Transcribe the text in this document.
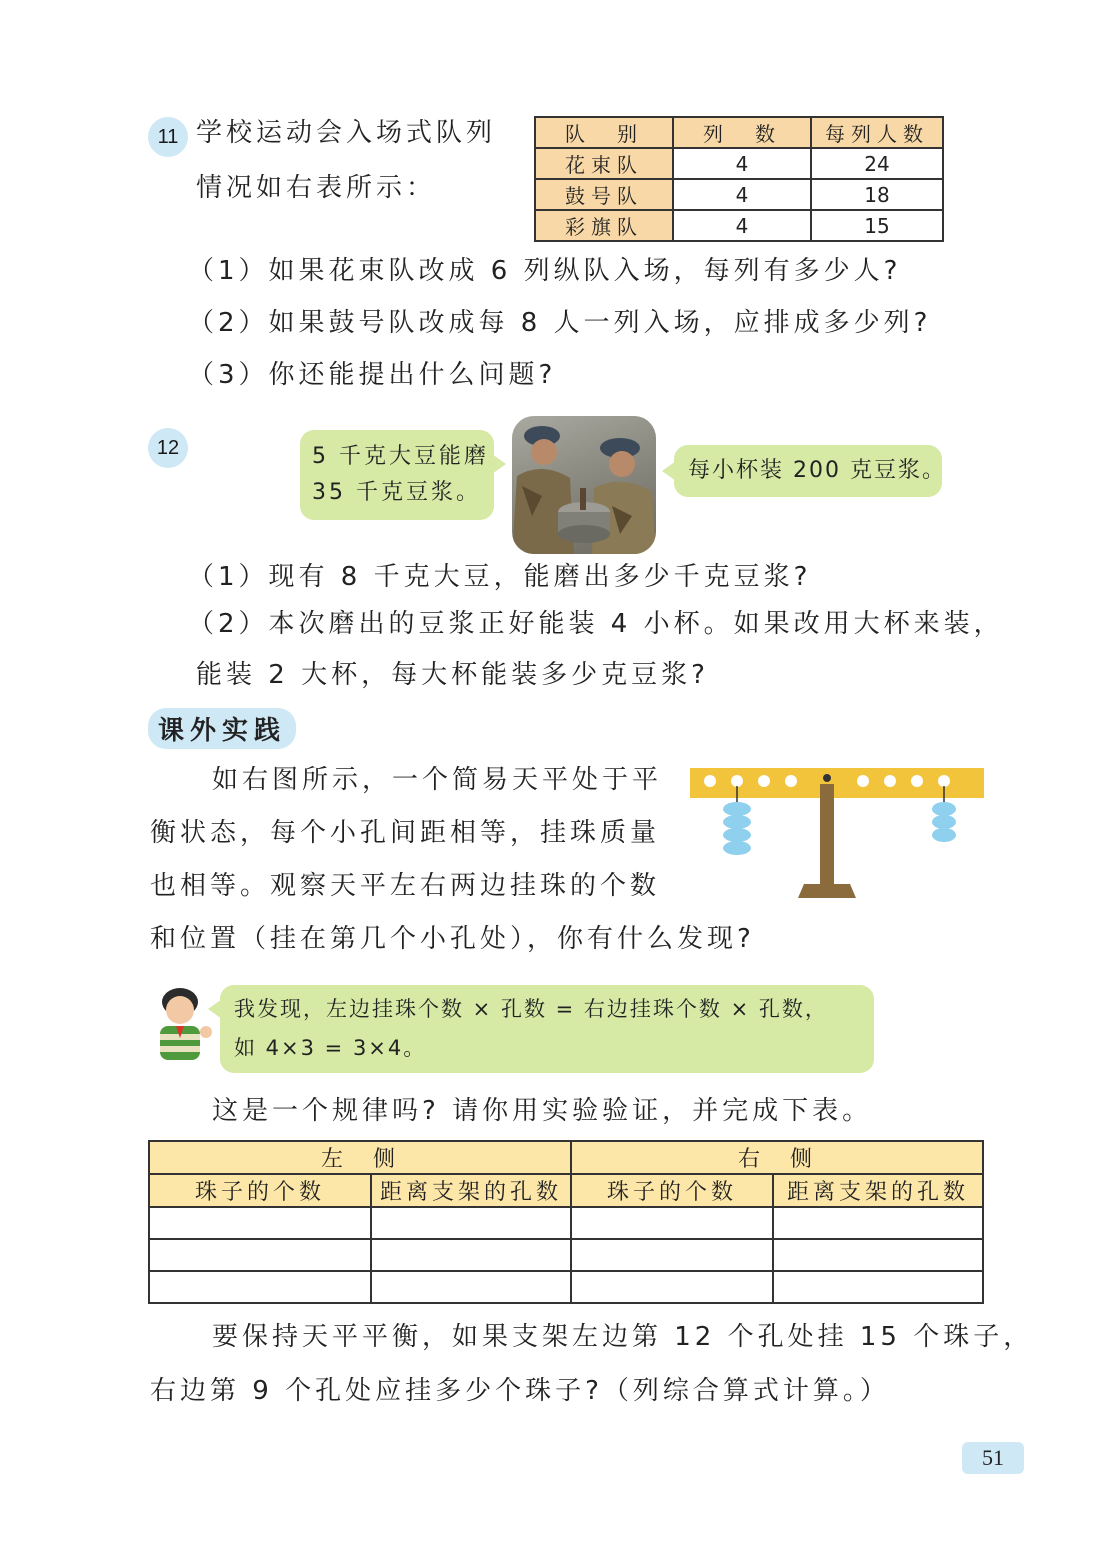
11 学校运动会入场式队列
情况如右表所示：
队　别	列　数	每列人数
花束队	4	24
鼓号队	4	18
彩旗队	4	15
（1）如果花束队改成 6 列纵队入场，每列有多少人?
（2）如果鼓号队改成每 8 人一列入场，应排成多少列?
（3）你还能提出什么问题?
12	5 千克大豆能磨
35 千克豆浆。
每小杯装 200 克豆浆。
（1）现有 8 千克大豆，能磨出多少千克豆浆?
（2）本次磨出的豆浆正好能装 4 小杯。如果改用大杯来装，
能装 2 大杯，每大杯能装多少克豆浆?
课外实践
如右图所示，一个简易天平处于平
衡状态，每个小孔间距相等，挂珠质量
也相等。观察天平左右两边挂珠的个数
和位置（挂在第几个小孔处），你有什么发现?
我发现，左边挂珠个数 × 孔数 = 右边挂珠个数 × 孔数，
如 4×3 = 3×4。
这是一个规律吗? 请你用实验验证，并完成下表。
左　侧		右　侧	
珠子的个数	距离支架的孔数	珠子的个数	距离支架的孔数

要保持天平平衡，如果支架左边第 12 个孔处挂 15 个珠子，
右边第 9 个孔处应挂多少个珠子?（列综合算式计算。）
51
